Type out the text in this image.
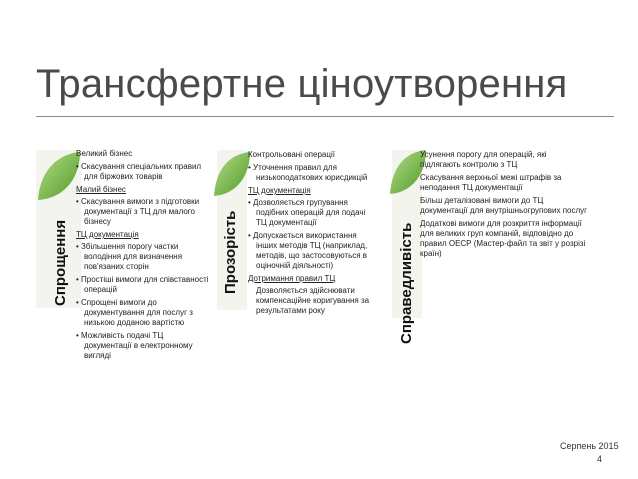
Трансфертне ціноутворення
Спрощення
Великий бізнес
• Скасування спеціальних правил для біржових товарів
Малий бізнес
• Скасування вимоги з підготовки документації з ТЦ для малого бізнесу
ТЦ документація
• Збільшення порогу частки володіння для визначення пов'язаних сторін
• Простіші вимоги для співставності операцій
• Спрощені вимоги до документування для послуг з низькою доданою вартістю
• Можливість подачі ТЦ документації в електронному вигляді
Прозорість
Контрольовані операції
• Уточнення правил для низькоподаткових юрисдикцій
ТЦ документація
• Дозволяється групування подібних операцій для подачі ТЦ документації
• Допускається використання інших методів ТЦ (наприклад, методів, що застосовуються в оціночній діяльності)
Дотримання правил ТЦ
Дозволяється здійснювати компенсаційне коригування за результатами року	Справедливість
Усунення порогу для операцій, які підлягають контролю з ТЦ
Скасування верхньої межі штрафів за неподання ТЦ документації
Більш деталізовані вимоги до ТЦ документації для внутрішньогрупових послуг
Додаткові вимоги для розкриття інформації для великих груп компаній, відповідно до правил ОЕСР (Мастер-файл та звіт у розрізі країн)
Серпень 2015
4
